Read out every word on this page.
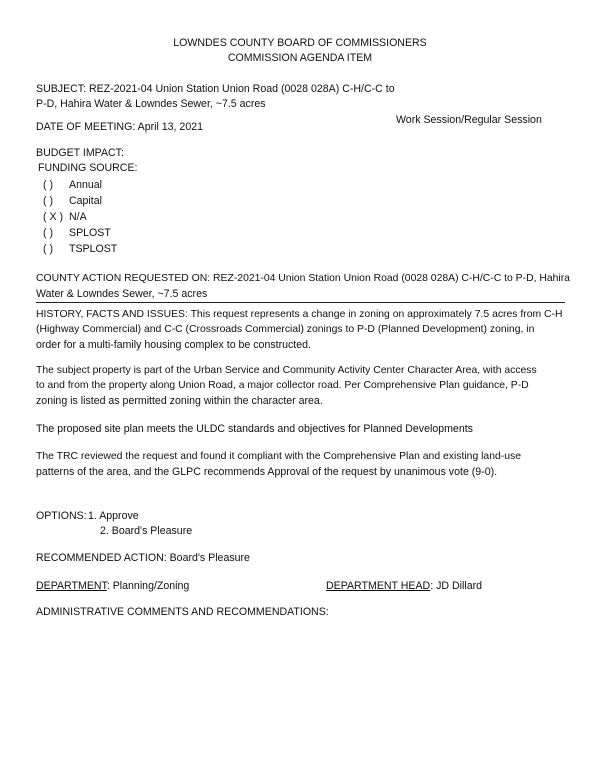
LOWNDES COUNTY BOARD OF COMMISSIONERS
COMMISSION AGENDA ITEM
SUBJECT: REZ-2021-04 Union Station Union Road (0028 028A) C-H/C-C to
P-D, Hahira Water & Lowndes Sewer, ~7.5 acres
DATE OF MEETING: April 13, 2021
Work Session/Regular Session
BUDGET IMPACT:
FUNDING SOURCE:
( ) Annual
( ) Capital
( X ) N/A
( ) SPLOST
( ) TSPLOST
COUNTY ACTION REQUESTED ON: REZ-2021-04 Union Station Union Road (0028 028A) C-H/C-C to P-D, Hahira
Water & Lowndes Sewer, ~7.5 acres
HISTORY, FACTS AND ISSUES: This request represents a change in zoning on approximately 7.5 acres from C-H
(Highway Commercial) and C-C (Crossroads Commercial) zonings to P-D (Planned Development) zoning, in
order for a multi-family housing complex to be constructed.
The subject property is part of the Urban Service and Community Activity Center Character Area, with access
to and from the property along Union Road, a major collector road. Per Comprehensive Plan guidance, P-D
zoning is listed as permitted zoning within the character area.
The proposed site plan meets the ULDC standards and objectives for Planned Developments
The TRC reviewed the request and found it compliant with the Comprehensive Plan and existing land-use
patterns of the area, and the GLPC recommends Approval of the request by unanimous vote (9-0).
OPTIONS: 1. Approve
2. Board's Pleasure
RECOMMENDED ACTION: Board's Pleasure
DEPARTMENT: Planning/Zoning	DEPARTMENT HEAD: JD Dillard
ADMINISTRATIVE COMMENTS AND RECOMMENDATIONS:
